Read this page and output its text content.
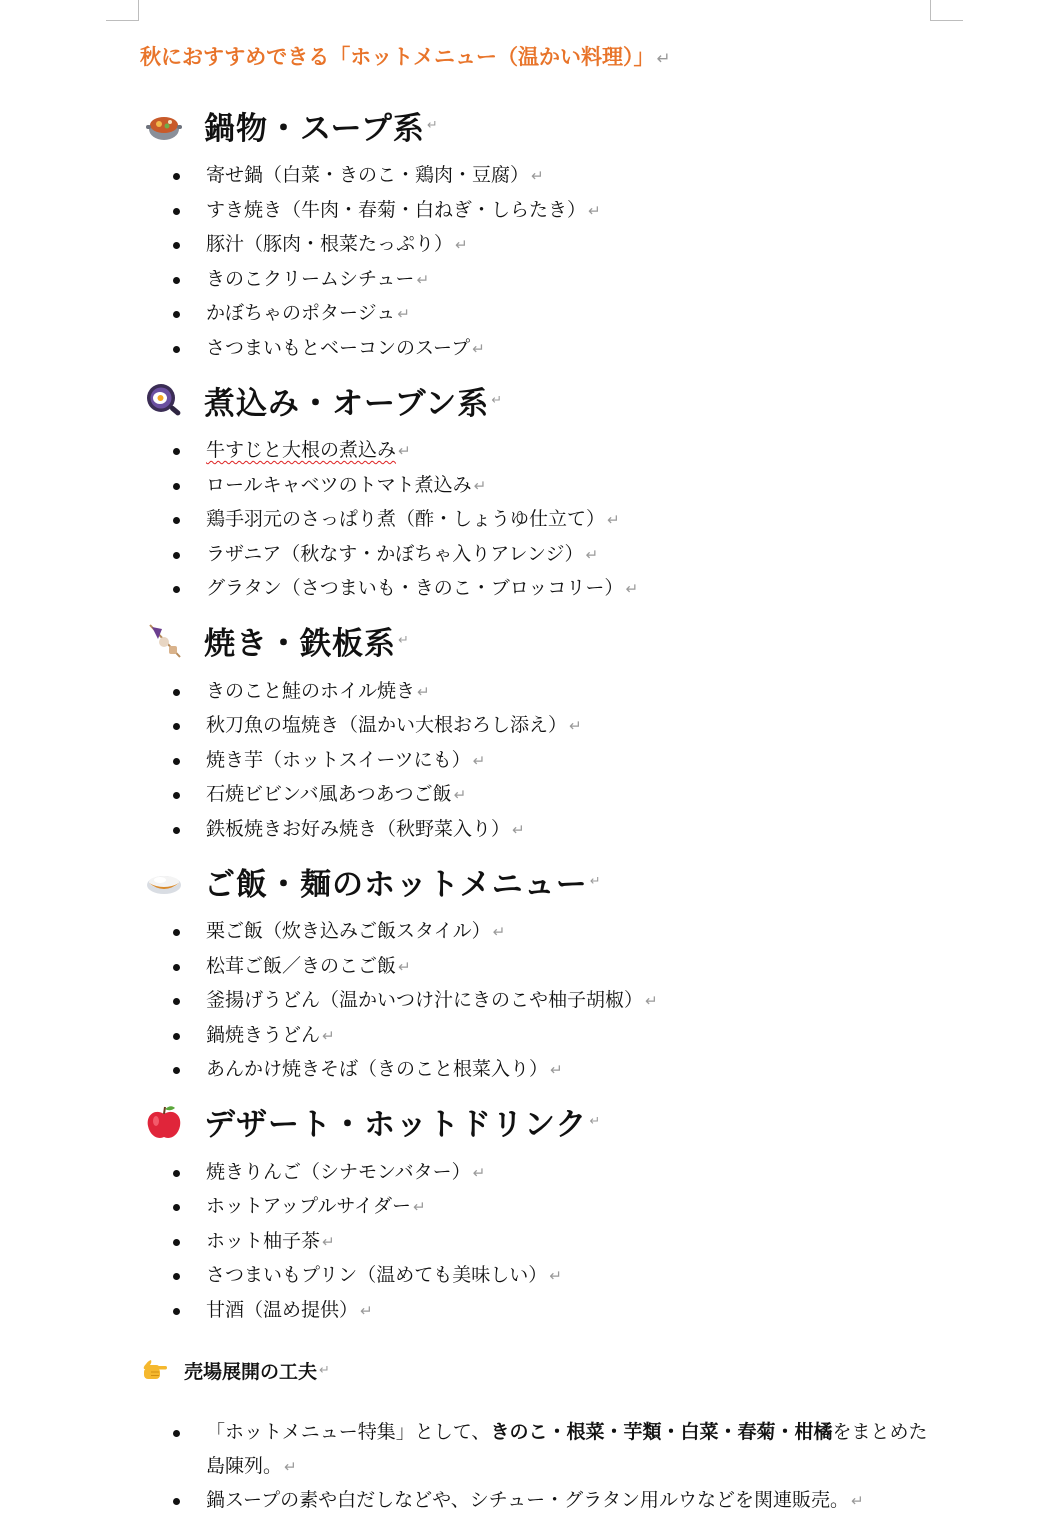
秋におすすめできる「ホットメニュー（温かい料理）」 ↵
鍋物・スープ系 ↵
寄せ鍋（白菜・きのこ・鶏肉・豆腐） ↵
すき焼き（牛肉・春菊・白ねぎ・しらたき） ↵
豚汁（豚肉・根菜たっぷり） ↵
きのこクリームシチュー ↵
かぼちゃのポタージュ ↵
さつまいもとベーコンのスープ ↵
煮込み・オーブン系 ↵
牛すじと大根の煮込み ↵
ロールキャベツのトマト煮込み ↵
鶏手羽元のさっぱり煮（酢・しょうゆ仕立て） ↵
ラザニア（秋なす・かぼちゃ入りアレンジ） ↵
グラタン（さつまいも・きのこ・ブロッコリー） ↵
焼き・鉄板系 ↵
きのこと鮭のホイル焼き ↵
秋刀魚の塩焼き（温かい大根おろし添え） ↵
焼き芋（ホットスイーツにも） ↵
石焼ビビンバ風あつあつご飯 ↵
鉄板焼きお好み焼き（秋野菜入り） ↵
ご飯・麺のホットメニュー ↵
栗ご飯（炊き込みご飯スタイル） ↵
松茸ご飯／きのこご飯 ↵
釜揚げうどん（温かいつけ汁にきのこや柚子胡椒） ↵
鍋焼きうどん ↵
あんかけ焼きそば（きのこと根菜入り） ↵
デザート・ホットドリンク ↵
焼きりんご（シナモンバター） ↵
ホットアップルサイダー ↵
ホット柚子茶 ↵
さつまいもプリン（温めても美味しい） ↵
甘酒（温め提供） ↵
売場展開の工夫 ↵
「ホットメニュー特集」として、きのこ・根菜・芋類・白菜・春菊・柑橘をまとめた島陳列。 ↵
鍋スープの素や白だしなどや、シチュー・グラタン用ルウなどを関連販売。 ↵
